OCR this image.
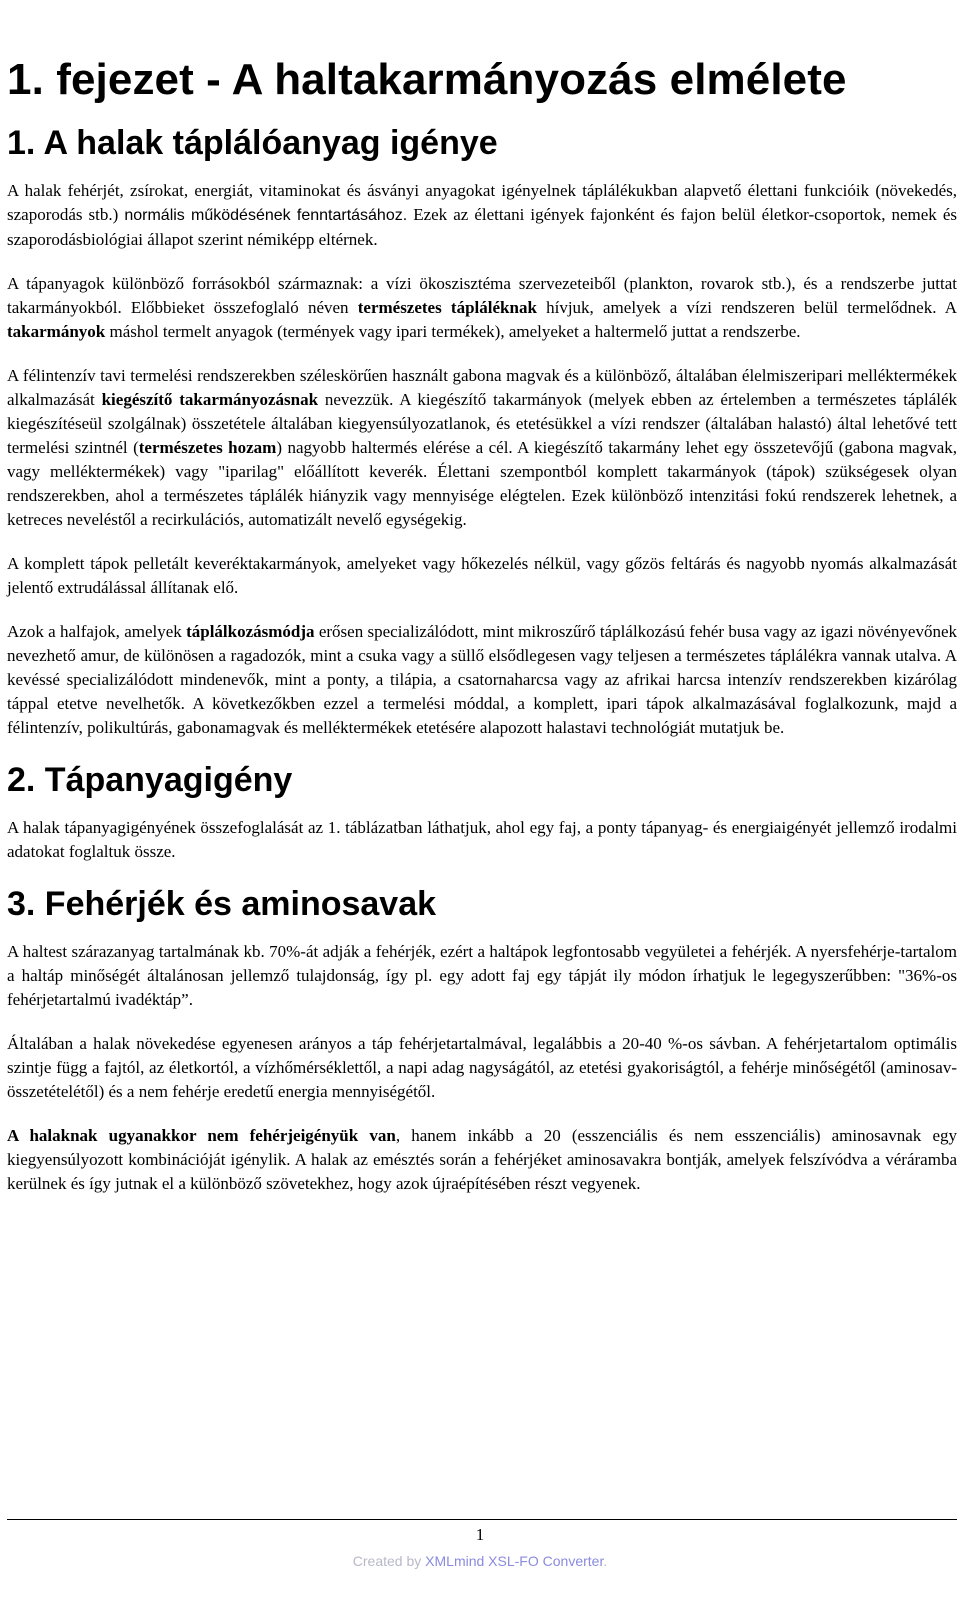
1. fejezet - A haltakarmányozás elmélete
1. A halak táplálóanyag igénye

A halak fehérjét, zsírokat, energiát, vitaminokat és ásványi anyagokat igényelnek táplálékukban alapvető élettani funkcióik (növekedés, szaporodás stb.) normális működésének fenntartásához. Ezek az élettani igények fajonként és fajon belül életkor-csoportok, nemek és szaporodásbiológiai állapot szerint némiképp eltérnek.

A tápanyagok különböző forrásokból származnak: a vízi ökoszisztéma szervezeteiből (plankton, rovarok stb.), és a rendszerbe juttat takarmányokból. Előbbieket összefoglaló néven természetes tápláléknak hívjuk, amelyek a vízi rendszeren belül termelődnek. A takarmányok máshol termelt anyagok (termények vagy ipari termékek), amelyeket a haltermelő juttat a rendszerbe.

A félintenzív tavi termelési rendszerekben széleskörűen használt gabona magvak és a különböző, általában élelmiszeripari melléktermékek alkalmazását kiegészítő takarmányozásnak nevezzük. A kiegészítő takarmányok (melyek ebben az értelemben a természetes táplálék kiegészítéseül szolgálnak) összetétele általában kiegyensúlyozatlanok, és etetésükkel a vízi rendszer (általában halastó) által lehetővé tett termelési szintnél (természetes hozam) nagyobb haltermés elérése a cél. A kiegészítő takarmány lehet egy összetevőjű (gabona magvak, vagy melléktermékek) vagy "iparilag" előállított keverék. Élettani szempontból komplett takarmányok (tápok) szükségesek olyan rendszerekben, ahol a természetes táplálék hiányzik vagy mennyisége elégtelen. Ezek különböző intenzitási fokú rendszerek lehetnek, a ketreces neveléstől a recirkulációs, automatizált nevelő egységekig.

A komplett tápok pelletált keveréktakarmányok, amelyeket vagy hőkezelés nélkül, vagy gőzös feltárás és nagyobb nyomás alkalmazását jelentő extrudálással állítanak elő.

Azok a halfajok, amelyek táplálkozásmódja erősen specializálódott, mint mikroszűrő táplálkozású fehér busa vagy az igazi növényevőnek nevezhető amur, de különösen a ragadozók, mint a csuka vagy a süllő elsődlegesen vagy teljesen a természetes táplálékra vannak utalva. A kevéssé specializálódott mindenevők, mint a ponty, a tilápia, a csatornaharcsa vagy az afrikai harcsa intenzív rendszerekben kizárólag táppal etetve nevelhetők. A következőkben ezzel a termelési móddal, a komplett, ipari tápok alkalmazásával foglalkozunk, majd a félintenzív, polikultúrás, gabonamagvak és melléktermékek etetésére alapozott halastavi technológiát mutatjuk be.

2. Tápanyagigény

A halak tápanyagigényének összefoglalását az 1. táblázatban láthatjuk, ahol egy faj, a ponty tápanyag- és energiaigényét jellemző irodalmi adatokat foglaltuk össze.

3. Fehérjék és aminosavak

A haltest szárazanyag tartalmának kb. 70%-át adják a fehérjék, ezért a haltápok legfontosabb vegyületei a fehérjék. A nyersfehérje-tartalom a haltáp minőségét általánosan jellemző tulajdonság, így pl. egy adott faj egy tápját ily módon írhatjuk le legegyszerűbben: "36%-os fehérjetartalmú ivadéktáp”.

Általában a halak növekedése egyenesen arányos a táp fehérjetartalmával, legalábbis a 20-40 %-os sávban. A fehérjetartalom optimális szintje függ a fajtól, az életkortól, a vízhőmérséklettől, a napi adag nagyságától, az etetési gyakoriságtól, a fehérje minőségétől (aminosav-összetételétől) és a nem fehérje eredetű energia mennyiségétől.

A halaknak ugyanakkor nem fehérjeigényük van, hanem inkább a 20 (esszenciális és nem esszenciális) aminosavnak egy kiegyensúlyozott kombinációját igénylik. A halak az emésztés során a fehérjéket aminosavakra bontják, amelyek felszívódva a véráramba kerülnek és így jutnak el a különböző szövetekhez, hogy azok újraépítésében részt vegyenek.

1
Created by XMLmind XSL-FO Converter.
